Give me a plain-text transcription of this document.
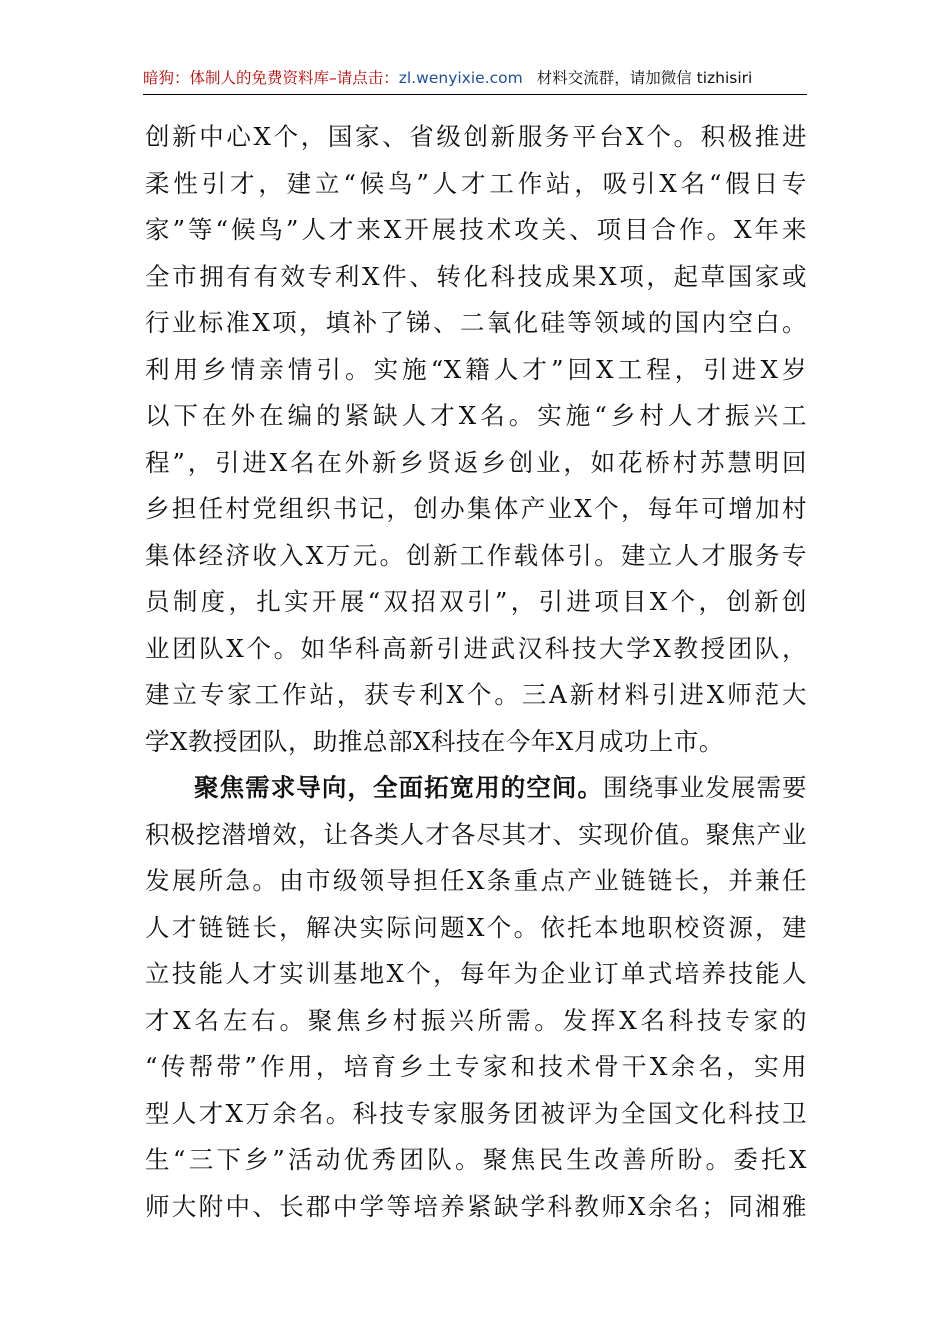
暗狗：体制人的免费资料库–请点击：zl.wenyixie.com 材料交流群，请加微信 tizhisiri
创新中心X个，国家、省级创新服务平台X个。积极推进
柔性引才，建立“候鸟”人才工作站，吸引X名“假日专
家”等“候鸟”人才来X开展技术攻关、项目合作。X年来
全市拥有有效专利X件、转化科技成果X项，起草国家或
行业标准X项，填补了锑、二氧化硅等领域的国内空白。
利用乡情亲情引。实施“X籍人才”回X工程，引进X岁
以下在外在编的紧缺人才X名。实施“乡村人才振兴工
程”，引进X名在外新乡贤返乡创业，如花桥村苏慧明回
乡担任村党组织书记，创办集体产业X个，每年可增加村
集体经济收入X万元。创新工作载体引。建立人才服务专
员制度，扎实开展“双招双引”，引进项目X个，创新创
业团队X个。如华科高新引进武汉科技大学X教授团队，
建立专家工作站，获专利X个。三A新材料引进X师范大
学X教授团队，助推总部X科技在今年X月成功上市。
聚焦需求导向，全面拓宽用的空间。围绕事业发展需要
积极挖潜增效，让各类人才各尽其才、实现价值。聚焦产业
发展所急。由市级领导担任X条重点产业链链长，并兼任
人才链链长，解决实际问题X个。依托本地职校资源，建
立技能人才实训基地X个，每年为企业订单式培养技能人
才X名左右。聚焦乡村振兴所需。发挥X名科技专家的
“传帮带”作用，培育乡土专家和技术骨干X余名，实用
型人才X万余名。科技专家服务团被评为全国文化科技卫
生“三下乡”活动优秀团队。聚焦民生改善所盼。委托X
师大附中、长郡中学等培养紧缺学科教师X余名；同湘雅
